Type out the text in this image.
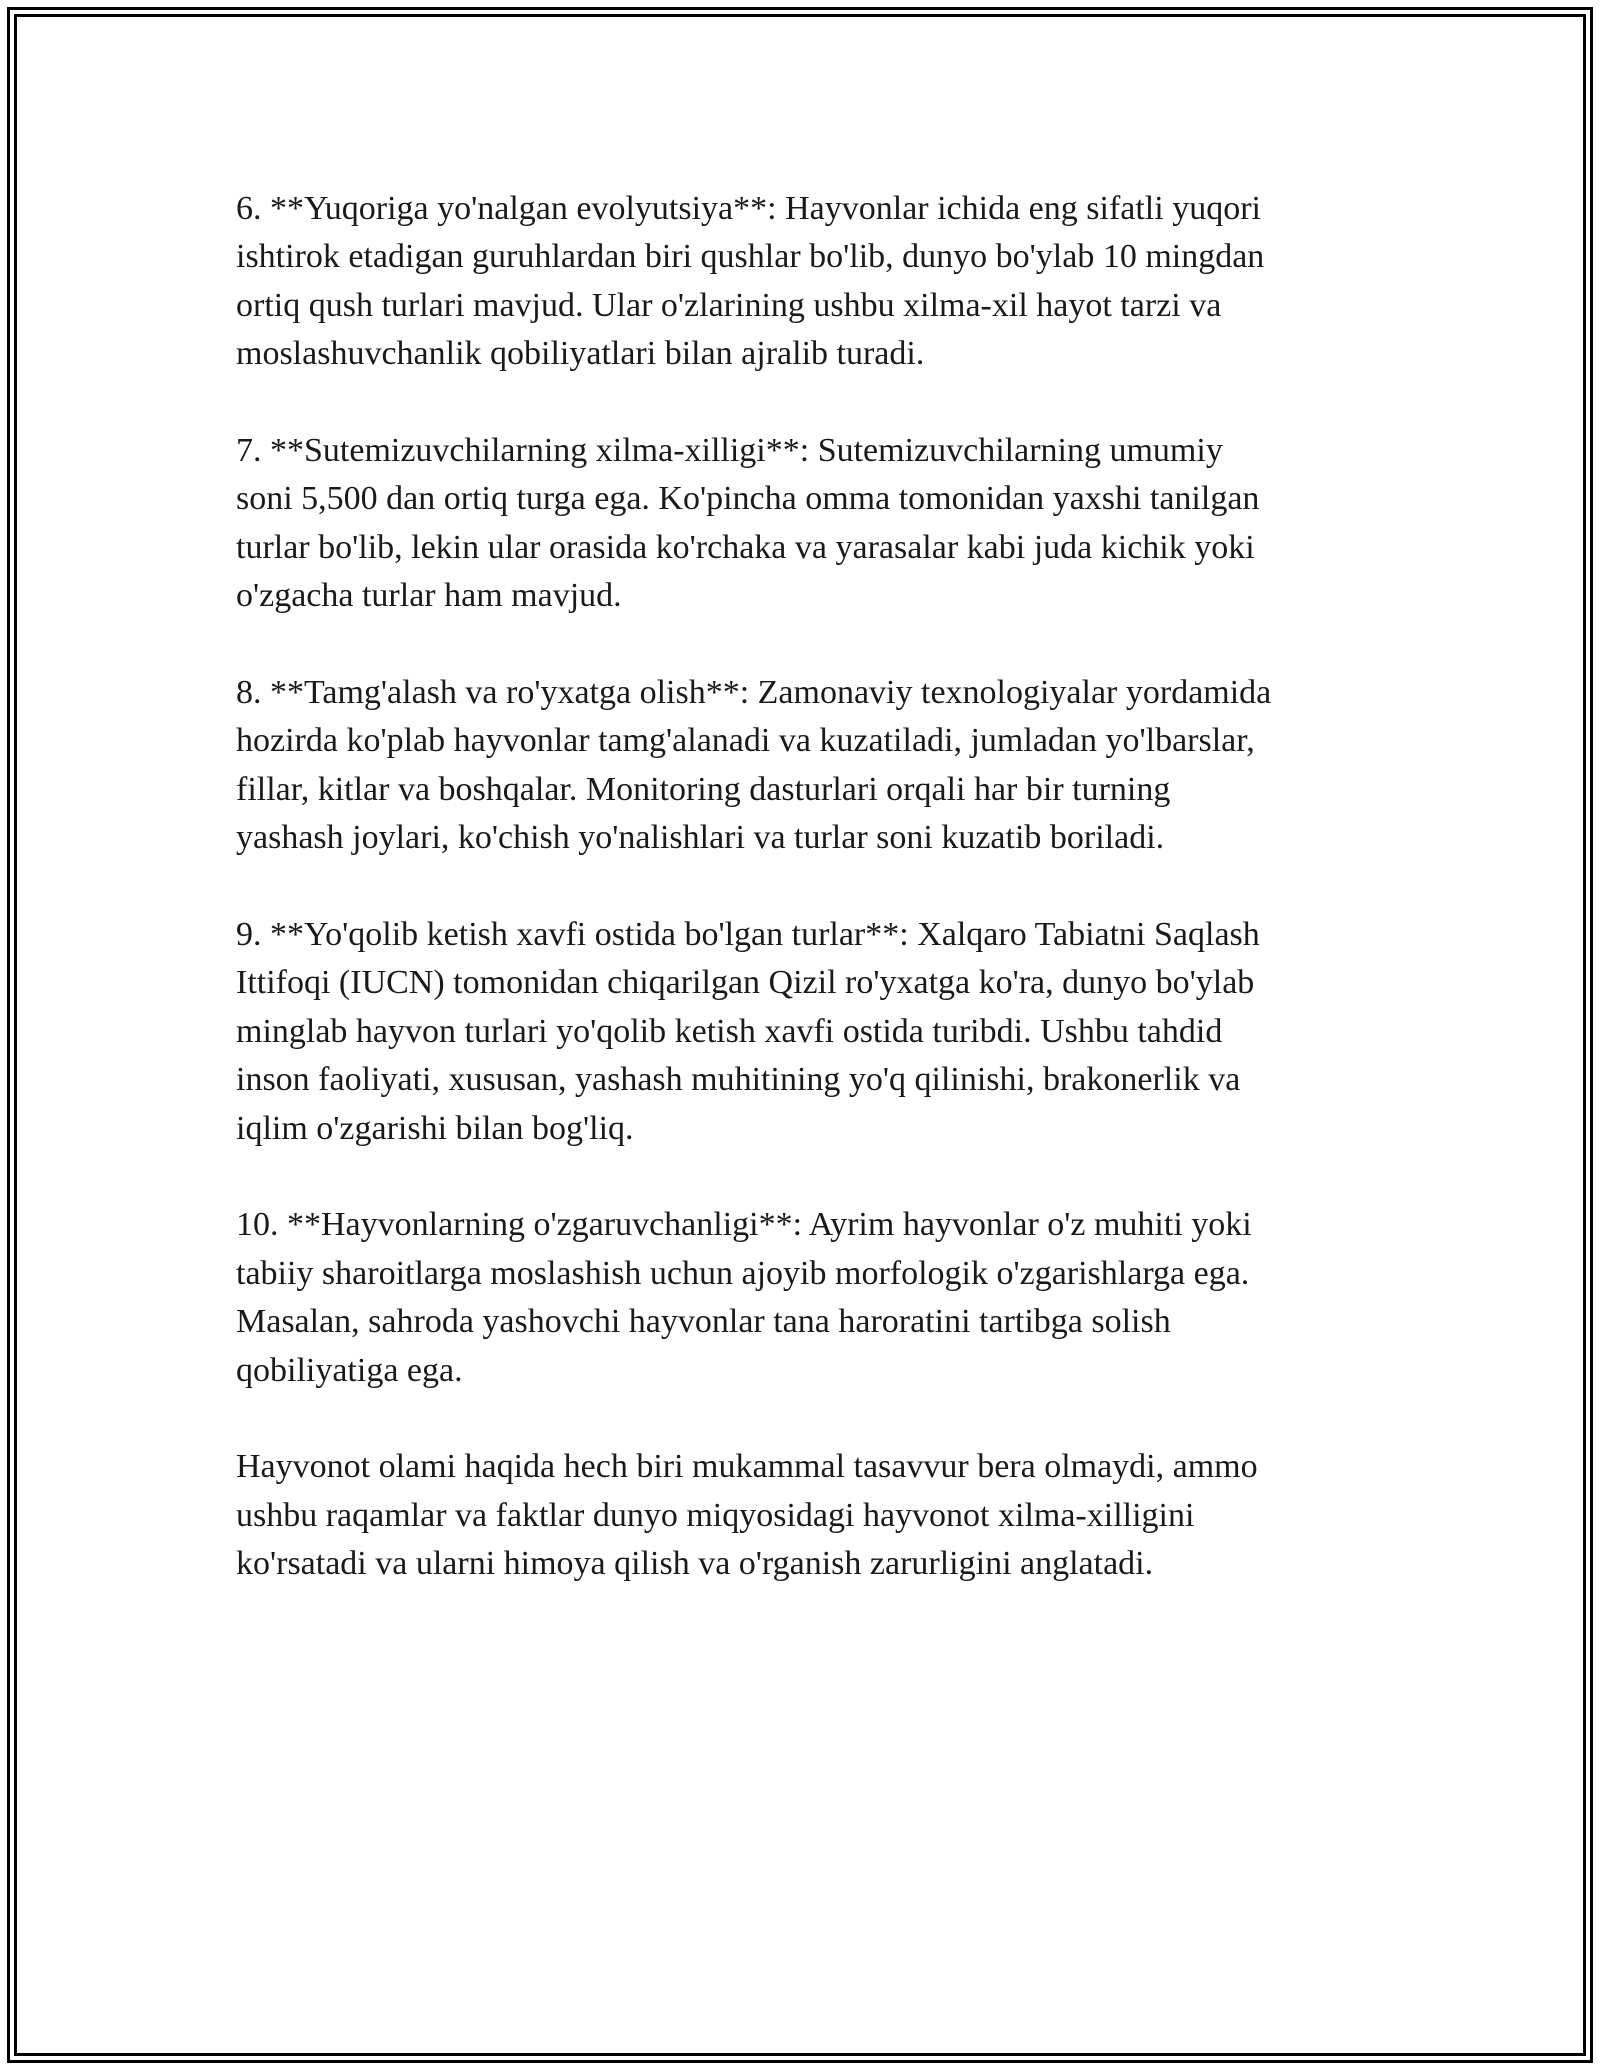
6. **Yuqoriga yo'nalgan evolyutsiya**: Hayvonlar ichida eng sifatli yuqori
ishtirok etadigan guruhlardan biri qushlar bo'lib, dunyo bo'ylab 10 mingdan
ortiq qush turlari mavjud. Ular o'zlarining ushbu xilma-xil hayot tarzi va
moslashuvchanlik qobiliyatlari bilan ajralib turadi.

7. **Sutemizuvchilarning xilma-xilligi**: Sutemizuvchilarning umumiy
soni 5,500 dan ortiq turga ega. Ko'pincha omma tomonidan yaxshi tanilgan
turlar bo'lib, lekin ular orasida ko'rchaka va yarasalar kabi juda kichik yoki
o'zgacha turlar ham mavjud.

8. **Tamg'alash va ro'yxatga olish**: Zamonaviy texnologiyalar yordamida
hozirda ko'plab hayvonlar tamg'alanadi va kuzatiladi, jumladan yo'lbarslar,
fillar, kitlar va boshqalar. Monitoring dasturlari orqali har bir turning
yashash joylari, ko'chish yo'nalishlari va turlar soni kuzatib boriladi.

9. **Yo'qolib ketish xavfi ostida bo'lgan turlar**: Xalqaro Tabiatni Saqlash
Ittifoqi (IUCN) tomonidan chiqarilgan Qizil ro'yxatga ko'ra, dunyo bo'ylab
minglab hayvon turlari yo'qolib ketish xavfi ostida turibdi. Ushbu tahdid
inson faoliyati, xususan, yashash muhitining yo'q qilinishi, brakonerlik va
iqlim o'zgarishi bilan bog'liq.

10. **Hayvonlarning o'zgaruvchanligi**: Ayrim hayvonlar o'z muhiti yoki
tabiiy sharoitlarga moslashish uchun ajoyib morfologik o'zgarishlarga ega.
Masalan, sahroda yashovchi hayvonlar tana haroratini tartibga solish
qobiliyatiga ega.

Hayvonot olami haqida hech biri mukammal tasavvur bera olmaydi, ammo
ushbu raqamlar va faktlar dunyo miqyosidagi hayvonot xilma-xilligini
ko'rsatadi va ularni himoya qilish va o'rganish zarurligini anglatadi.
